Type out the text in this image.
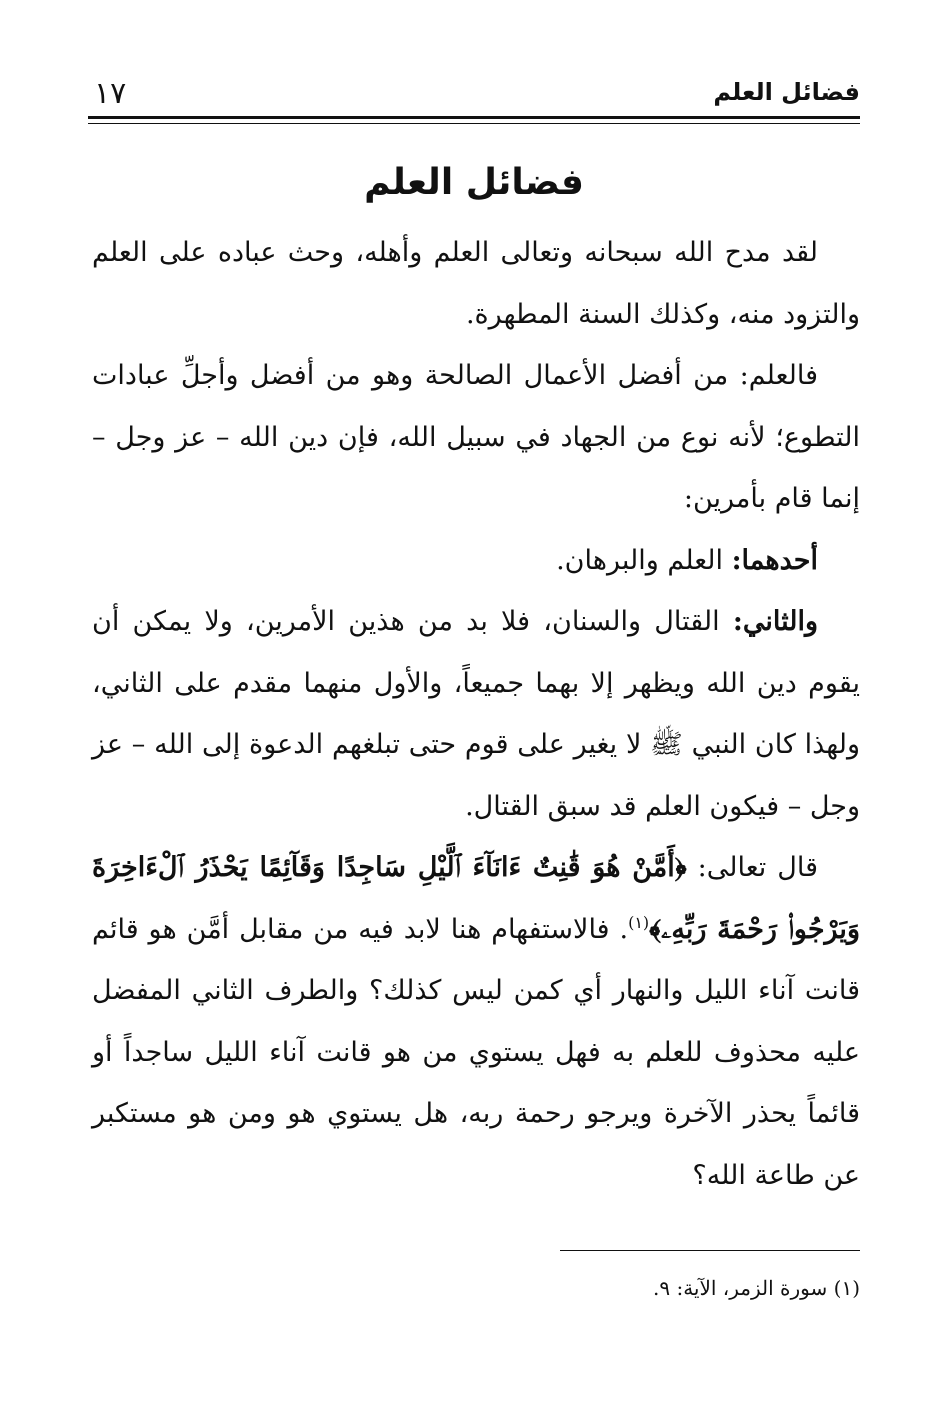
فضائل العلم
١٧
فضائل العلم

لقد مدح الله سبحانه وتعالى العلم وأهله، وحث عباده على العلم والتزود منه، وكذلك السنة المطهرة.

فالعلم: من أفضل الأعمال الصالحة وهو من أفضل وأجلِّ عبادات التطوع؛ لأنه نوع من الجهاد في سبيل الله، فإن دين الله – عز وجل – إنما قام بأمرين:

أحدهما: العلم والبرهان.

والثاني: القتال والسنان، فلا بد من هذين الأمرين، ولا يمكن أن يقوم دين الله ويظهر إلا بهما جميعاً، والأول منهما مقدم على الثاني، ولهذا كان النبي ﷺ لا يغير على قوم حتى تبلغهم الدعوة إلى الله – عز وجل – فيكون العلم قد سبق القتال.

قال تعالى: ﴿أَمَّنْ هُوَ قَٰنِتٌ ءَانَآءَ ٱلَّيْلِ سَاجِدًا وَقَآئِمًا يَحْذَرُ ٱلْءَاخِرَةَ وَيَرْجُوا۟ رَحْمَةَ رَبِّهِۦ﴾$^{(١)}$. فالاستفهام هنا لابد فيه من مقابل أمَّن هو قائم قانت آناء الليل والنهار أي كمن ليس كذلك؟ والطرف الثاني المفضل عليه محذوف للعلم به فهل يستوي من هو قانت آناء الليل ساجداً أو قائماً يحذر الآخرة ويرجو رحمة ربه، هل يستوي هو ومن هو مستكبر عن طاعة الله؟

(١) سورة الزمر، الآية: ٩.
